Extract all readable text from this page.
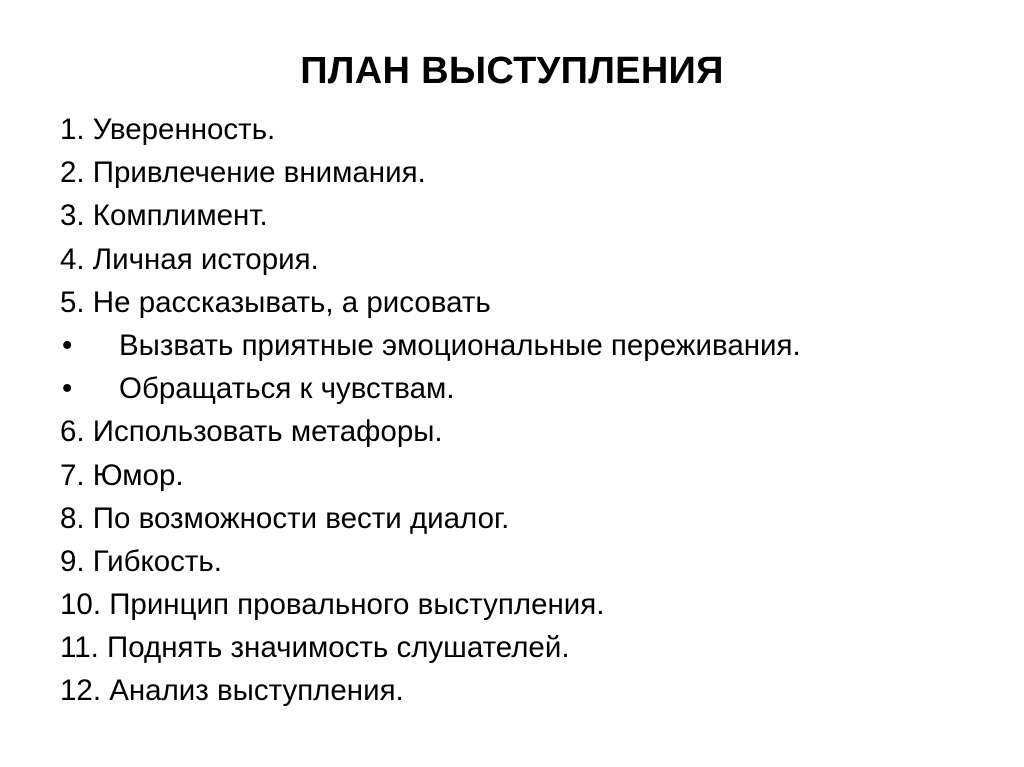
ПЛАН ВЫСТУПЛЕНИЯ
1. Уверенность.
2. Привлечение внимания.
3. Комплимент.
4. Личная история.
5. Не рассказывать, а рисовать
•	Вызвать приятные эмоциональные переживания.
•	Обращаться к чувствам.
6. Использовать метафоры.
7. Юмор.
8. По возможности вести диалог.
9. Гибкость.
10. Принцип провального выступления.
11. Поднять значимость слушателей.
12. Анализ выступления.
